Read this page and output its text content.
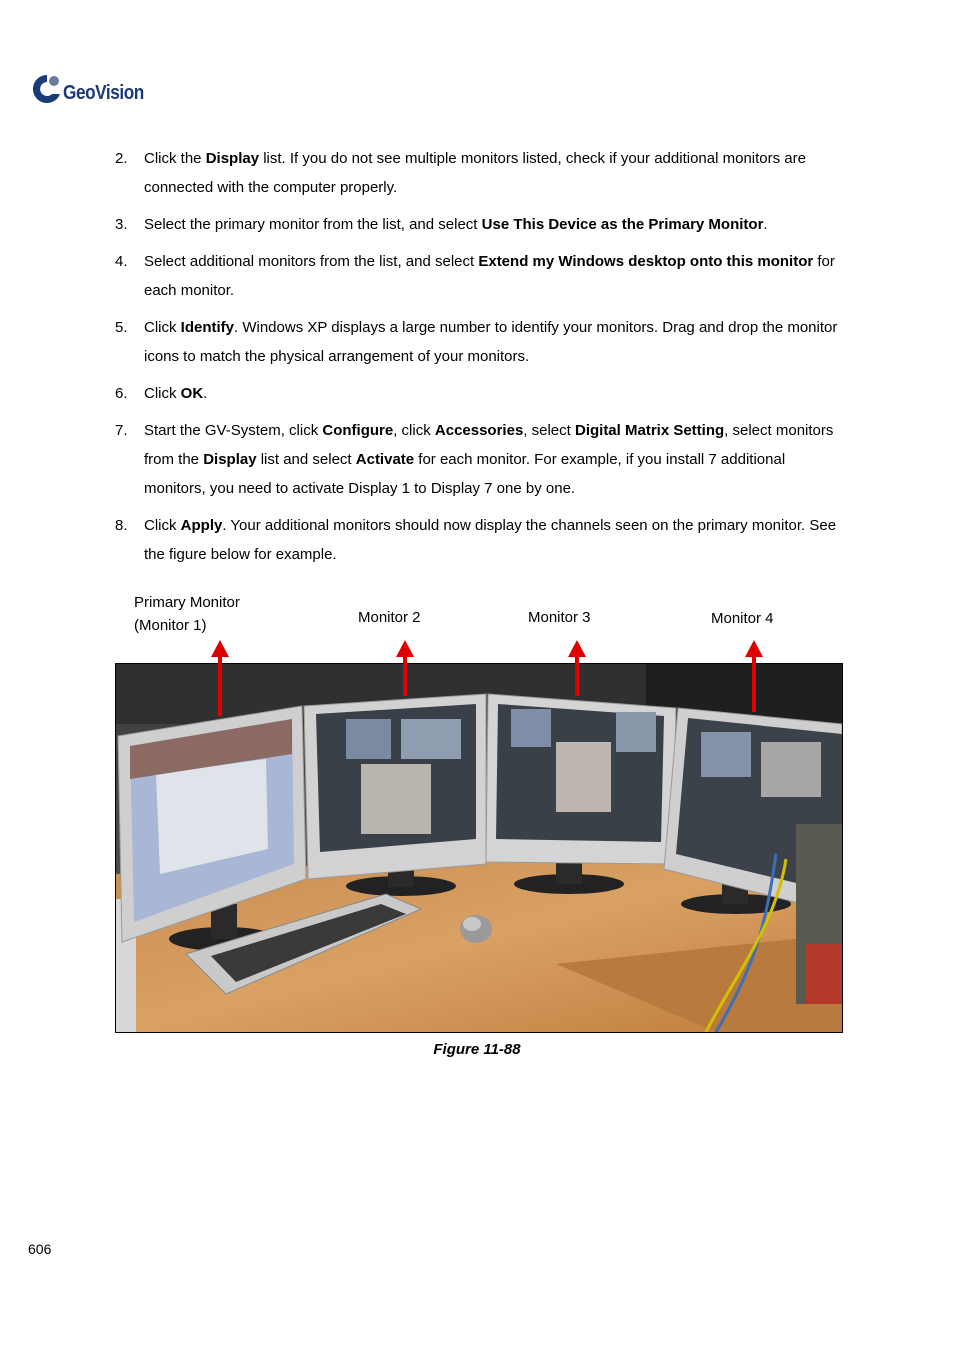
GeoVision
2. Click the Display list. If you do not see multiple monitors listed, check if your additional monitors are connected with the computer properly.
3. Select the primary monitor from the list, and select Use This Device as the Primary Monitor.
4. Select additional monitors from the list, and select Extend my Windows desktop onto this monitor for each monitor.
5. Click Identify. Windows XP displays a large number to identify your monitors. Drag and drop the monitor icons to match the physical arrangement of your monitors.
6. Click OK.
7. Start the GV-System, click Configure, click Accessories, select Digital Matrix Setting, select monitors from the Display list and select Activate for each monitor. For example, if you install 7 additional monitors, you need to activate Display 1 to Display 7 one by one.
8. Click Apply. Your additional monitors should now display the channels seen on the primary monitor. See the figure below for example.
Primary Monitor
(Monitor 1)	Monitor 2	Monitor 3	Monitor 4
Figure 11-88
606
